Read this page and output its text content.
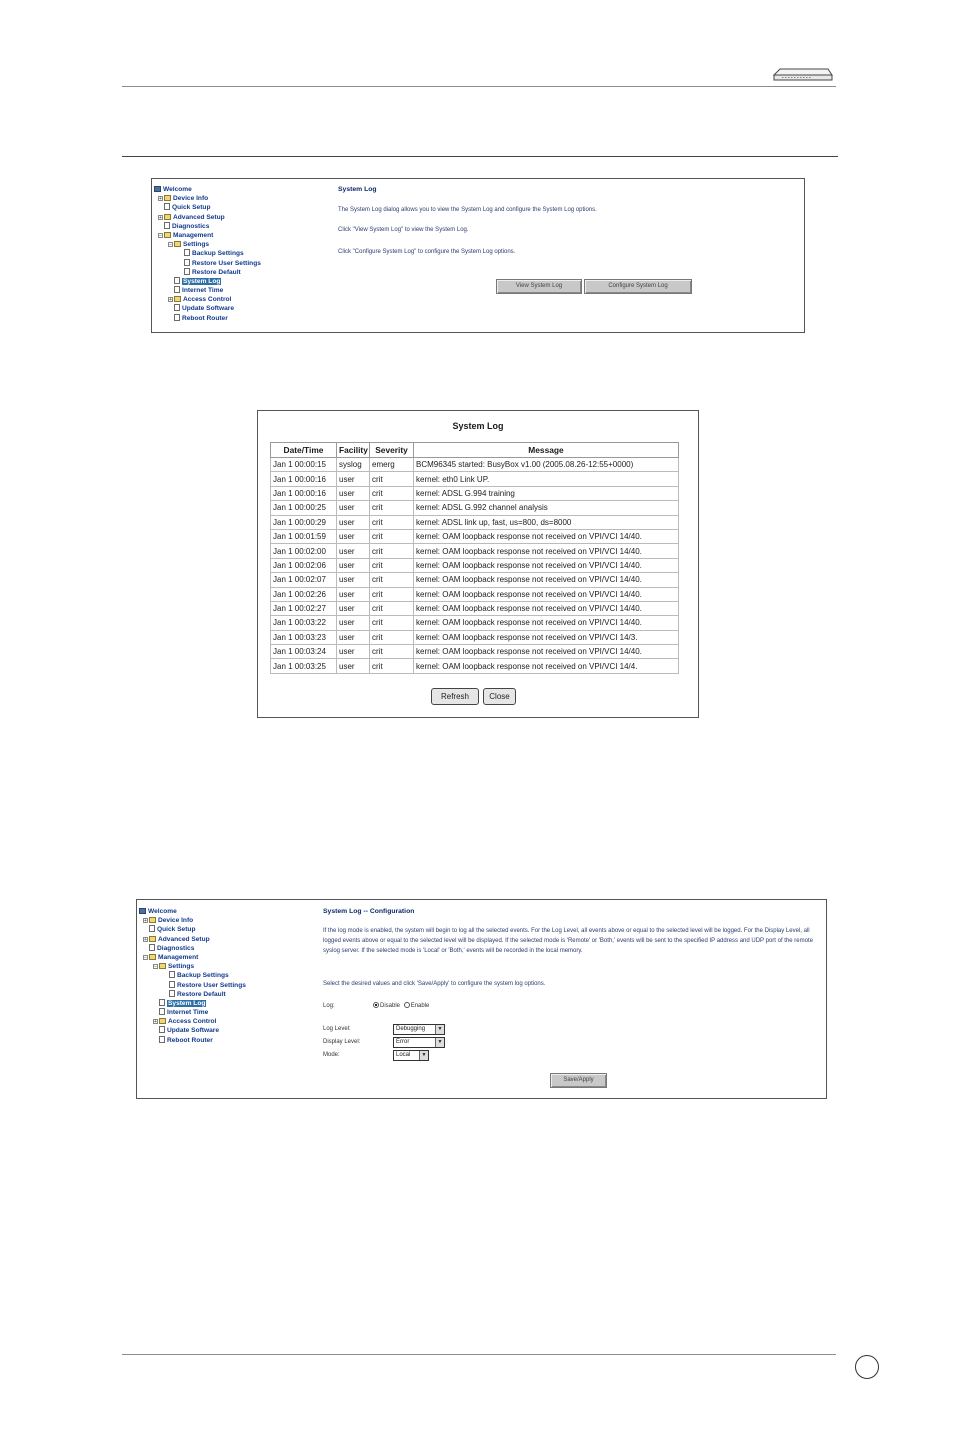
Welcome
+ Device Info
Quick Setup
+ Advanced Setup
Diagnostics
− Management
− Settings
Backup Settings
Restore User Settings
Restore Default
System Log
Internet Time
+ Access Control
Update Software
Reboot Router
System Log
The System Log dialog allows you to view the System Log and configure the System Log options.
Click "View System Log" to view the System Log.
Click "Configure System Log" to configure the System Log options.
View System Log	Configure System Log
System Log
Date/Time	Facility	Severity	Message
Jan 1 00:00:15	syslog	emerg	BCM96345 started: BusyBox v1.00 (2005.08.26-12:55+0000)
Jan 1 00:00:16	user	crit	kernel: eth0 Link UP.
Jan 1 00:00:16	user	crit	kernel: ADSL G.994 training
Jan 1 00:00:25	user	crit	kernel: ADSL G.992 channel analysis
Jan 1 00:00:29	user	crit	kernel: ADSL link up, fast, us=800, ds=8000
Jan 1 00:01:59	user	crit	kernel: OAM loopback response not received on VPI/VCI 14/40.
Jan 1 00:02:00	user	crit	kernel: OAM loopback response not received on VPI/VCI 14/40.
Jan 1 00:02:06	user	crit	kernel: OAM loopback response not received on VPI/VCI 14/40.
Jan 1 00:02:07	user	crit	kernel: OAM loopback response not received on VPI/VCI 14/40.
Jan 1 00:02:26	user	crit	kernel: OAM loopback response not received on VPI/VCI 14/40.
Jan 1 00:02:27	user	crit	kernel: OAM loopback response not received on VPI/VCI 14/40.
Jan 1 00:03:22	user	crit	kernel: OAM loopback response not received on VPI/VCI 14/40.
Jan 1 00:03:23	user	crit	kernel: OAM loopback response not received on VPI/VCI 14/3.
Jan 1 00:03:24	user	crit	kernel: OAM loopback response not received on VPI/VCI 14/40.
Jan 1 00:03:25	user	crit	kernel: OAM loopback response not received on VPI/VCI 14/4.
Refresh	Close
Welcome
+ Device Info
Quick Setup
+ Advanced Setup
Diagnostics
− Management
− Settings
Backup Settings
Restore User Settings
Restore Default
System Log
Internet Time
+ Access Control
Update Software
Reboot Router
System Log -- Configuration
If the log mode is enabled, the system will begin to log all the selected events. For the Log Level, all events above or equal to the selected level will be logged. For the Display Level, all logged events above or equal to the selected level will be displayed. If the selected mode is 'Remote' or 'Both,' events will be sent to the specified IP address and UDP port of the remote syslog server. If the selected mode is 'Local' or 'Both,' events will be recorded in the local memory.
Select the desired values and click 'Save/Apply' to configure the system log options.
Log:	Disable Enable
Log Level:	Debugging	▼
Display Level:	Error	▼
Mode:	Local	▼
Save/Apply
